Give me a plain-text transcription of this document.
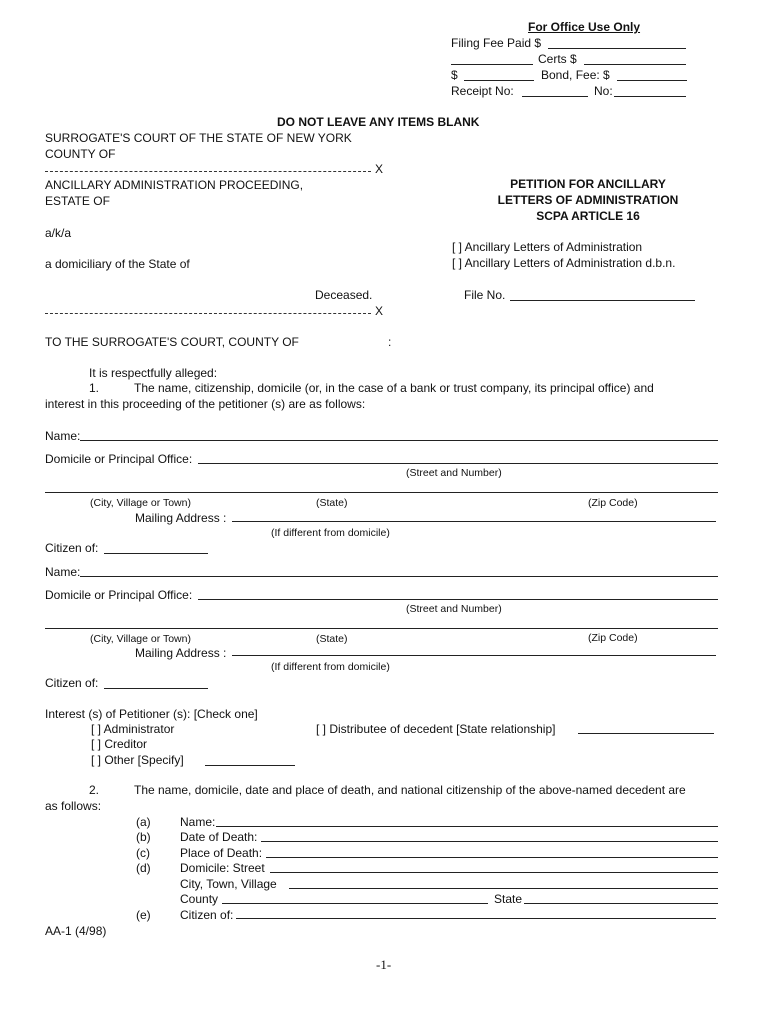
For Office Use Only
Filing Fee Paid $
Certs $
$	Bond, Fee: $
Receipt No:	No:
DO NOT LEAVE ANY ITEMS BLANK
SURROGATE'S COURT OF THE STATE OF NEW YORK
COUNTY OF
X
ANCILLARY ADMINISTRATION PROCEEDING,
ESTATE OF
a/k/a
a domiciliary of the State of
Deceased.
X
PETITION FOR ANCILLARY
LETTERS OF ADMINISTRATION
SCPA ARTICLE 16
[ ] Ancillary Letters of Administration
[ ] Ancillary Letters of Administration d.b.n.
File No.
TO THE SURROGATE'S COURT, COUNTY OF	:
It is respectfully alleged:
1.	The name, citizenship, domicile (or, in the case of a bank or trust company, its principal office) and
interest in this proceeding of the petitioner (s) are as follows:
Name:
Domicile or Principal Office:
(Street and Number)
(City, Village or Town)	(State)	(Zip Code)
Mailing Address :
(If different from domicile)
Citizen of:
Name:
Domicile or Principal Office:
(Street and Number)
(City, Village or Town)	(State)	(Zip Code)
Mailing Address :
(If different from domicile)
Citizen of:
Interest (s) of Petitioner (s): [Check one]
[ ] Administrator
[ ] Creditor
[ ] Other [Specify]
[ ] Distributee of decedent [State relationship]
2.	The name, domicile, date and place of death, and national citizenship of the above-named decedent are
as follows:
(a) Name:
(b) Date of Death:
(c)	Place of Death:
(d) Domicile: Street
City, Town, Village
County	State
(e) Citizen of:
AA-1 (4/98)
-1-
